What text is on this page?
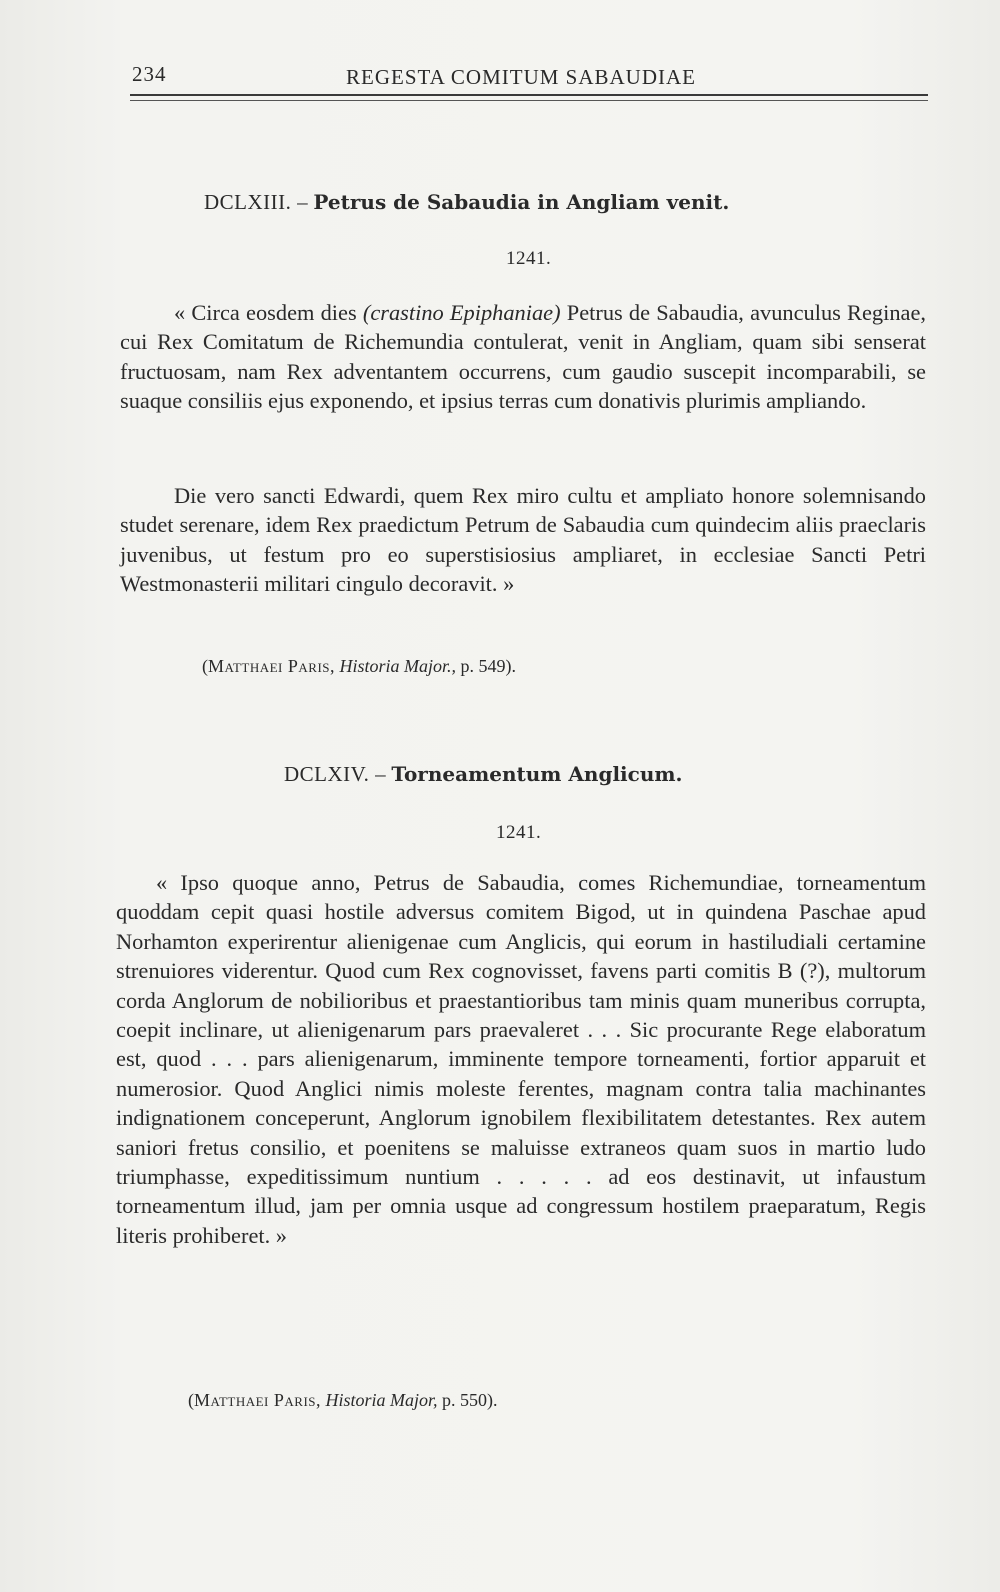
234	REGESTA COMITUM SABAUDIAE
DCLXIII. – Petrus de Sabaudia in Angliam venit.
1241.

« Circa eosdem dies (crastino Epiphaniae) Petrus de Sabaudia, avunculus Reginae, cui Rex Comitatum de Richemundia contulerat, venit in Angliam, quam sibi senserat fructuosam, nam Rex adventantem occurrens, cum gaudio suscepit incomparabili, se suaque consiliis ejus exponendo, et ipsius terras cum donativis plurimis ampliando.

Die vero sancti Edwardi, quem Rex miro cultu et ampliato honore solemnisando studet serenare, idem Rex praedictum Petrum de Sabaudia cum quindecim aliis praeclaris juvenibus, ut festum pro eo superstisiosius ampliaret, in ecclesiae Sancti Petri Westmonasterii militari cingulo decoravit. »

(Matthaei Paris, Historia Major., p. 549).
DCLXIV. – Torneamentum Anglicum.
1241.

« Ipso quoque anno, Petrus de Sabaudia, comes Richemundiae, torneamentum quoddam cepit quasi hostile adversus comitem Bigod, ut in quindena Paschae apud Norhamton experirentur alienigenae cum Anglicis, qui eorum in hastiludiali certamine strenuiores viderentur. Quod cum Rex cognovisset, favens parti comitis B (?), multorum corda Anglorum de nobilioribus et praestantioribus tam minis quam muneribus corrupta, coepit inclinare, ut alienigenarum pars praevaleret . . . Sic procurante Rege elaboratum est, quod . . . pars alienigenarum, imminente tempore torneamenti, fortior apparuit et numerosior. Quod Anglici nimis moleste ferentes, magnam contra talia machinantes indignationem conceperunt, Anglorum ignobilem flexibilitatem detestantes. Rex autem saniori fretus consilio, et poenitens se maluisse extraneos quam suos in martio ludo triumphasse, expeditissimum nuntium . . . . . ad eos destinavit, ut infaustum torneamentum illud, jam per omnia usque ad congressum hostilem praeparatum, Regis literis prohiberet. »

(Matthaei Paris, Historia Major, p. 550).
